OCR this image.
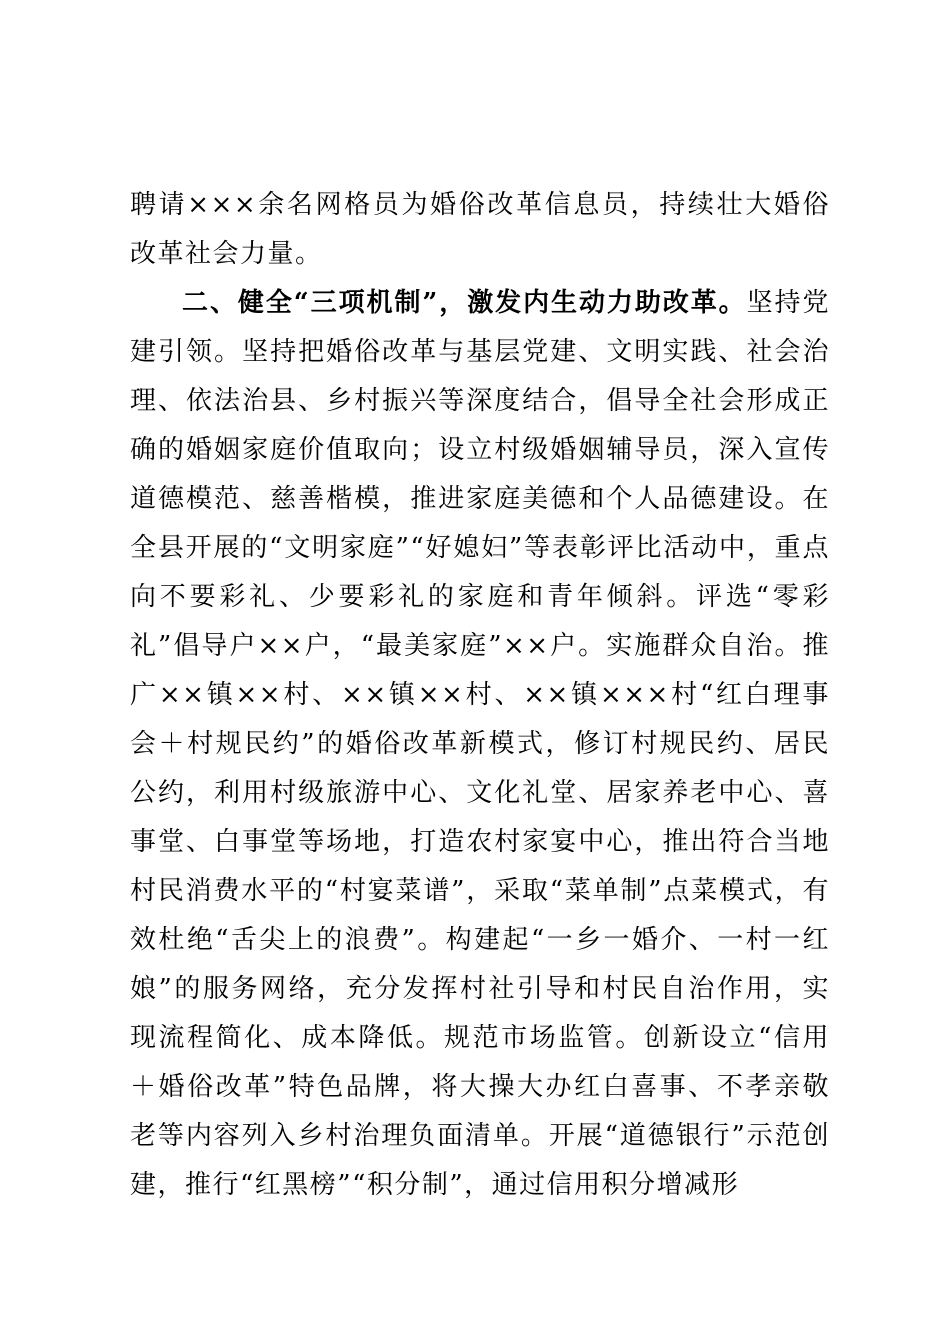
聘请×××余名网格员为婚俗改革信息员，持续壮大婚俗改革社会力量。

二、健全“三项机制”，激发内生动力助改革。坚持党建引领。坚持把婚俗改革与基层党建、文明实践、社会治理、依法治县、乡村振兴等深度结合，倡导全社会形成正确的婚姻家庭价值取向；设立村级婚姻辅导员，深入宣传道德模范、慈善楷模，推进家庭美德和个人品德建设。在全县开展的“文明家庭”“好媳妇”等表彰评比活动中，重点向不要彩礼、少要彩礼的家庭和青年倾斜。评选“零彩礼”倡导户××户，“最美家庭”××户。实施群众自治。推广××镇××村、××镇××村、××镇×××村“红白理事会＋村规民约”的婚俗改革新模式，修订村规民约、居民公约，利用村级旅游中心、文化礼堂、居家养老中心、喜事堂、白事堂等场地，打造农村家宴中心，推出符合当地村民消费水平的“村宴菜谱”，采取“菜单制”点菜模式，有效杜绝“舌尖上的浪费”。构建起“一乡一婚介、一村一红娘”的服务网络，充分发挥村社引导和村民自治作用，实现流程简化、成本降低。规范市场监管。创新设立“信用＋婚俗改革”特色品牌，将大操大办红白喜事、不孝亲敬老等内容列入乡村治理负面清单。开展“道德银行”示范创建，推行“红黑榜”“积分制”，通过信用积分增减形
